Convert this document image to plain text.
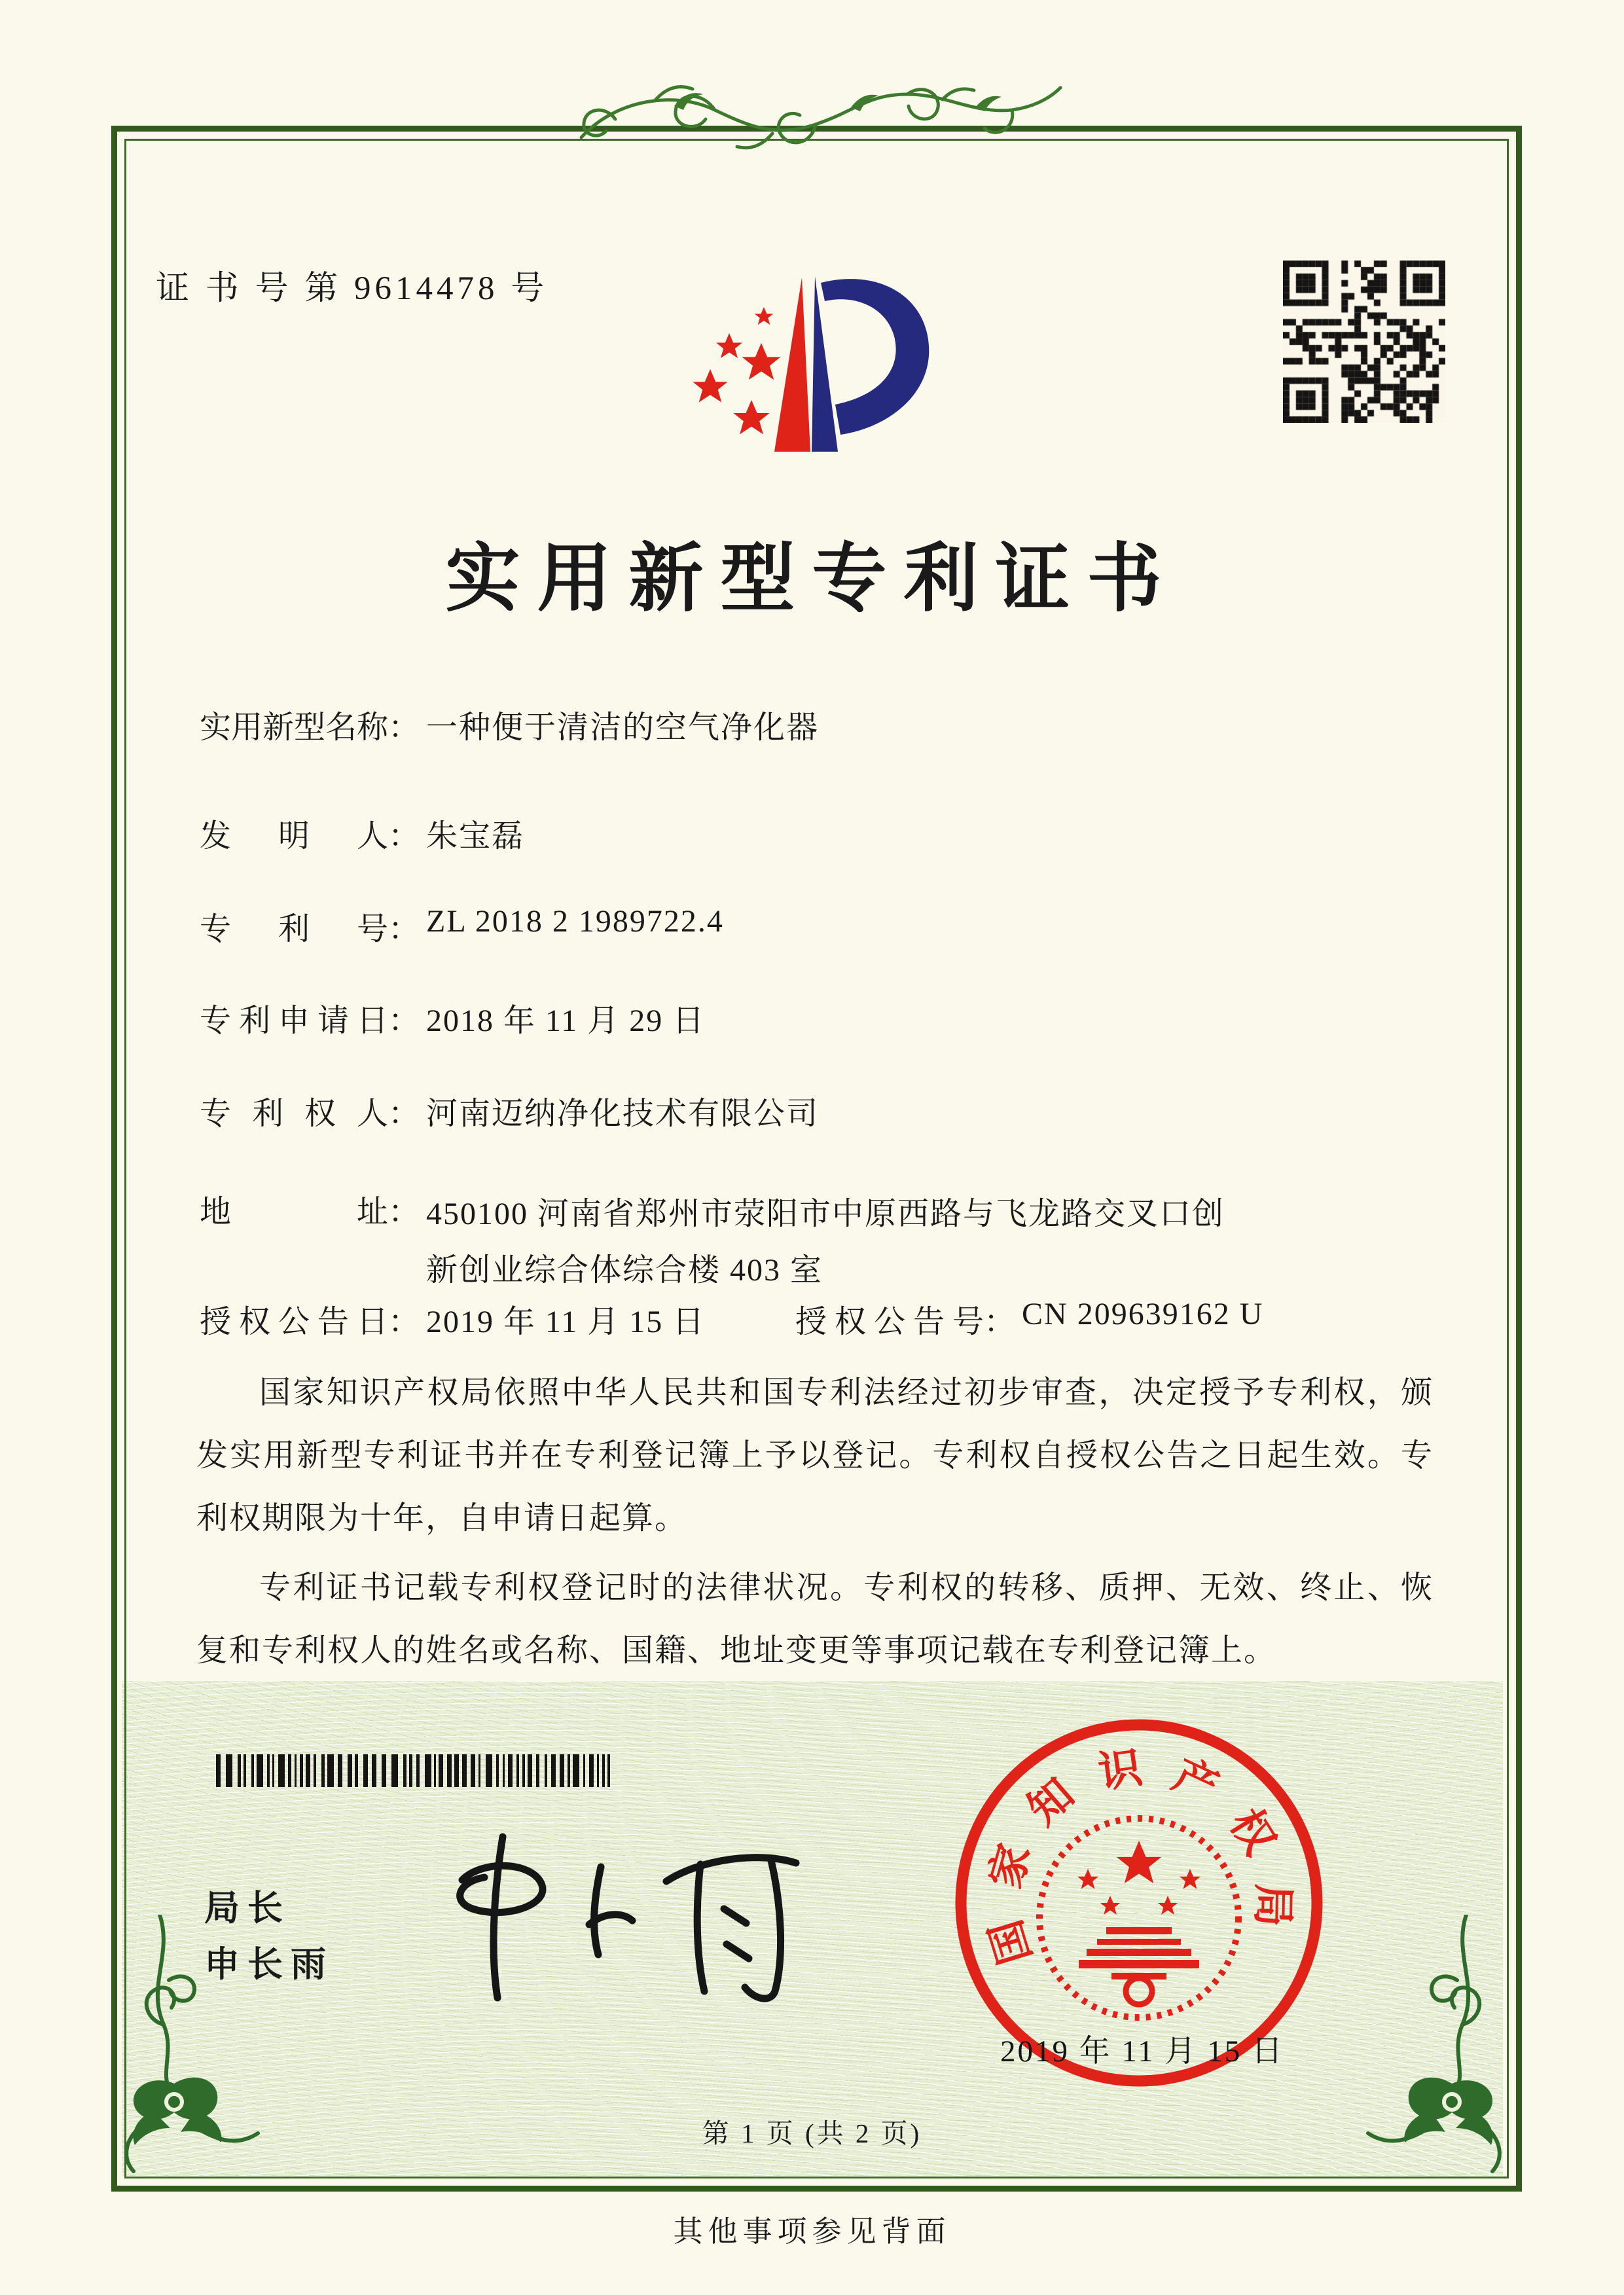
证 书 号 第 9614478 号
实用新型专利证书
实用新型名称： 一种便于清洁的空气净化器
发明人： 朱宝磊
专利号： ZL 2018 2 1989722.4
专利申请日： 2018 年 11 月 29 日
专利权人： 河南迈纳净化技术有限公司
地址： 450100 河南省郑州市荥阳市中原西路与飞龙路交叉口创
新创业综合体综合楼 403 室
授权公告日： 2019 年 11 月 15 日	授权公告号： CN 209639162 U

国家知识产权局依照中华人民共和国专利法经过初步审查，决定授予专利权，颁发实用新型专利证书并在专利登记簿上予以登记。专利权自授权公告之日起生效。专利权期限为十年，自申请日起算。

专利证书记载专利权登记时的法律状况。专利权的转移、质押、无效、终止、恢复和专利权人的姓名或名称、国籍、地址变更等事项记载在专利登记簿上。

局长
申长雨	国
家
知 识 产
权
局
2019 年 11 月 15 日
第 1 页 (共 2 页)
其他事项参见背面
